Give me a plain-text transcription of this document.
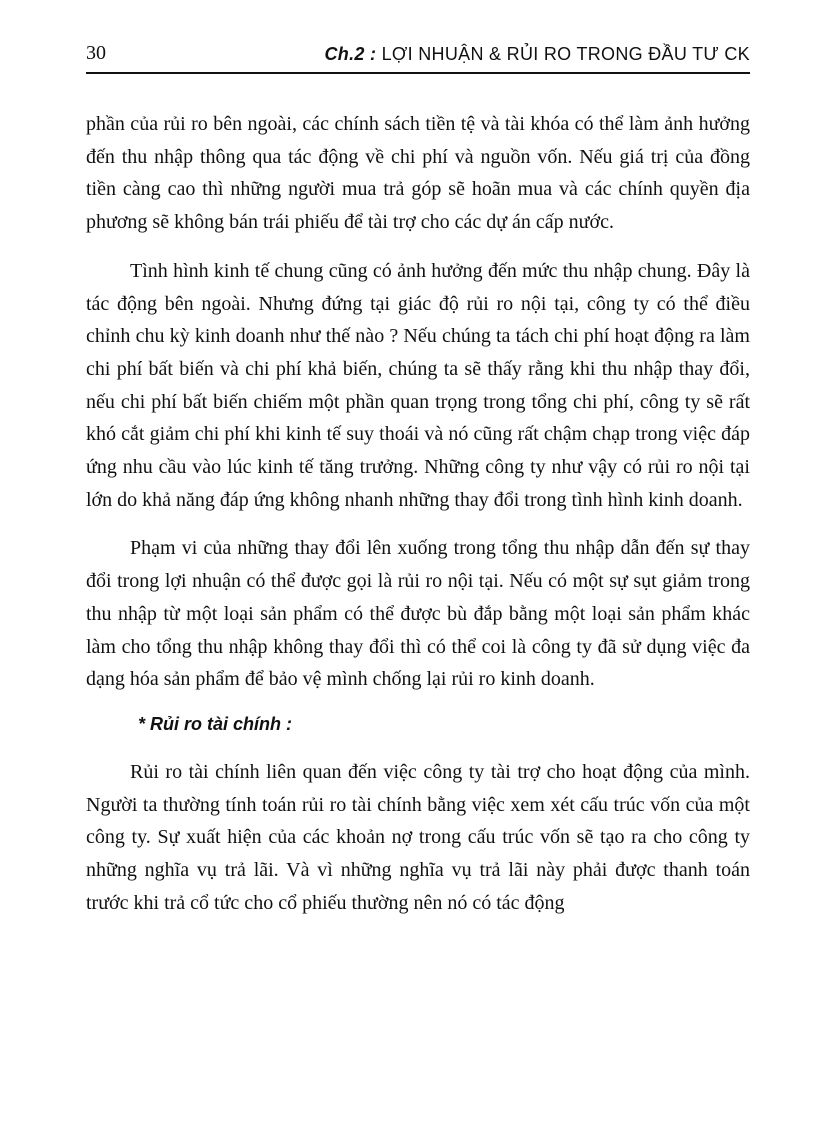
30	Ch.2 : LỢI NHUẬN & RỦI RO TRONG ĐẦU TƯ CK

phần của rủi ro bên ngoài, các chính sách tiền tệ và tài khóa có thể làm ảnh hưởng đến thu nhập thông qua tác động về chi phí và nguồn vốn. Nếu giá trị của đồng tiền càng cao thì những người mua trả góp sẽ hoãn mua và các chính quyền địa phương sẽ không bán trái phiếu để tài trợ cho các dự án cấp nước.

Tình hình kinh tế chung cũng có ảnh hưởng đến mức thu nhập chung. Đây là tác động bên ngoài. Nhưng đứng tại giác độ rủi ro nội tại, công ty có thể điều chỉnh chu kỳ kinh doanh như thế nào ? Nếu chúng ta tách chi phí hoạt động ra làm chi phí bất biến và chi phí khả biến, chúng ta sẽ thấy rằng khi thu nhập thay đổi, nếu chi phí bất biến chiếm một phần quan trọng trong tổng chi phí, công ty sẽ rất khó cắt giảm chi phí khi kinh tế suy thoái và nó cũng rất chậm chạp trong việc đáp ứng nhu cầu vào lúc kinh tế tăng trưởng. Những công ty như vậy có rủi ro nội tại lớn do khả năng đáp ứng không nhanh những thay đổi trong tình hình kinh doanh.

Phạm vi của những thay đổi lên xuống trong tổng thu nhập dẫn đến sự thay đổi trong lợi nhuận có thể được gọi là rủi ro nội tại. Nếu có một sự sụt giảm trong thu nhập từ một loại sản phẩm có thể được bù đắp bằng một loại sản phẩm khác làm cho tổng thu nhập không thay đổi thì có thể coi là công ty đã sử dụng việc đa dạng hóa sản phẩm để bảo vệ mình chống lại rủi ro kinh doanh.

* Rủi ro tài chính :

Rủi ro tài chính liên quan đến việc công ty tài trợ cho hoạt động của mình. Người ta thường tính toán rủi ro tài chính bằng việc xem xét cấu trúc vốn của một công ty. Sự xuất hiện của các khoản nợ trong cấu trúc vốn sẽ tạo ra cho công ty những nghĩa vụ trả lãi. Và vì những nghĩa vụ trả lãi này phải được thanh toán trước khi trả cổ tức cho cổ phiếu thường nên nó có tác động
